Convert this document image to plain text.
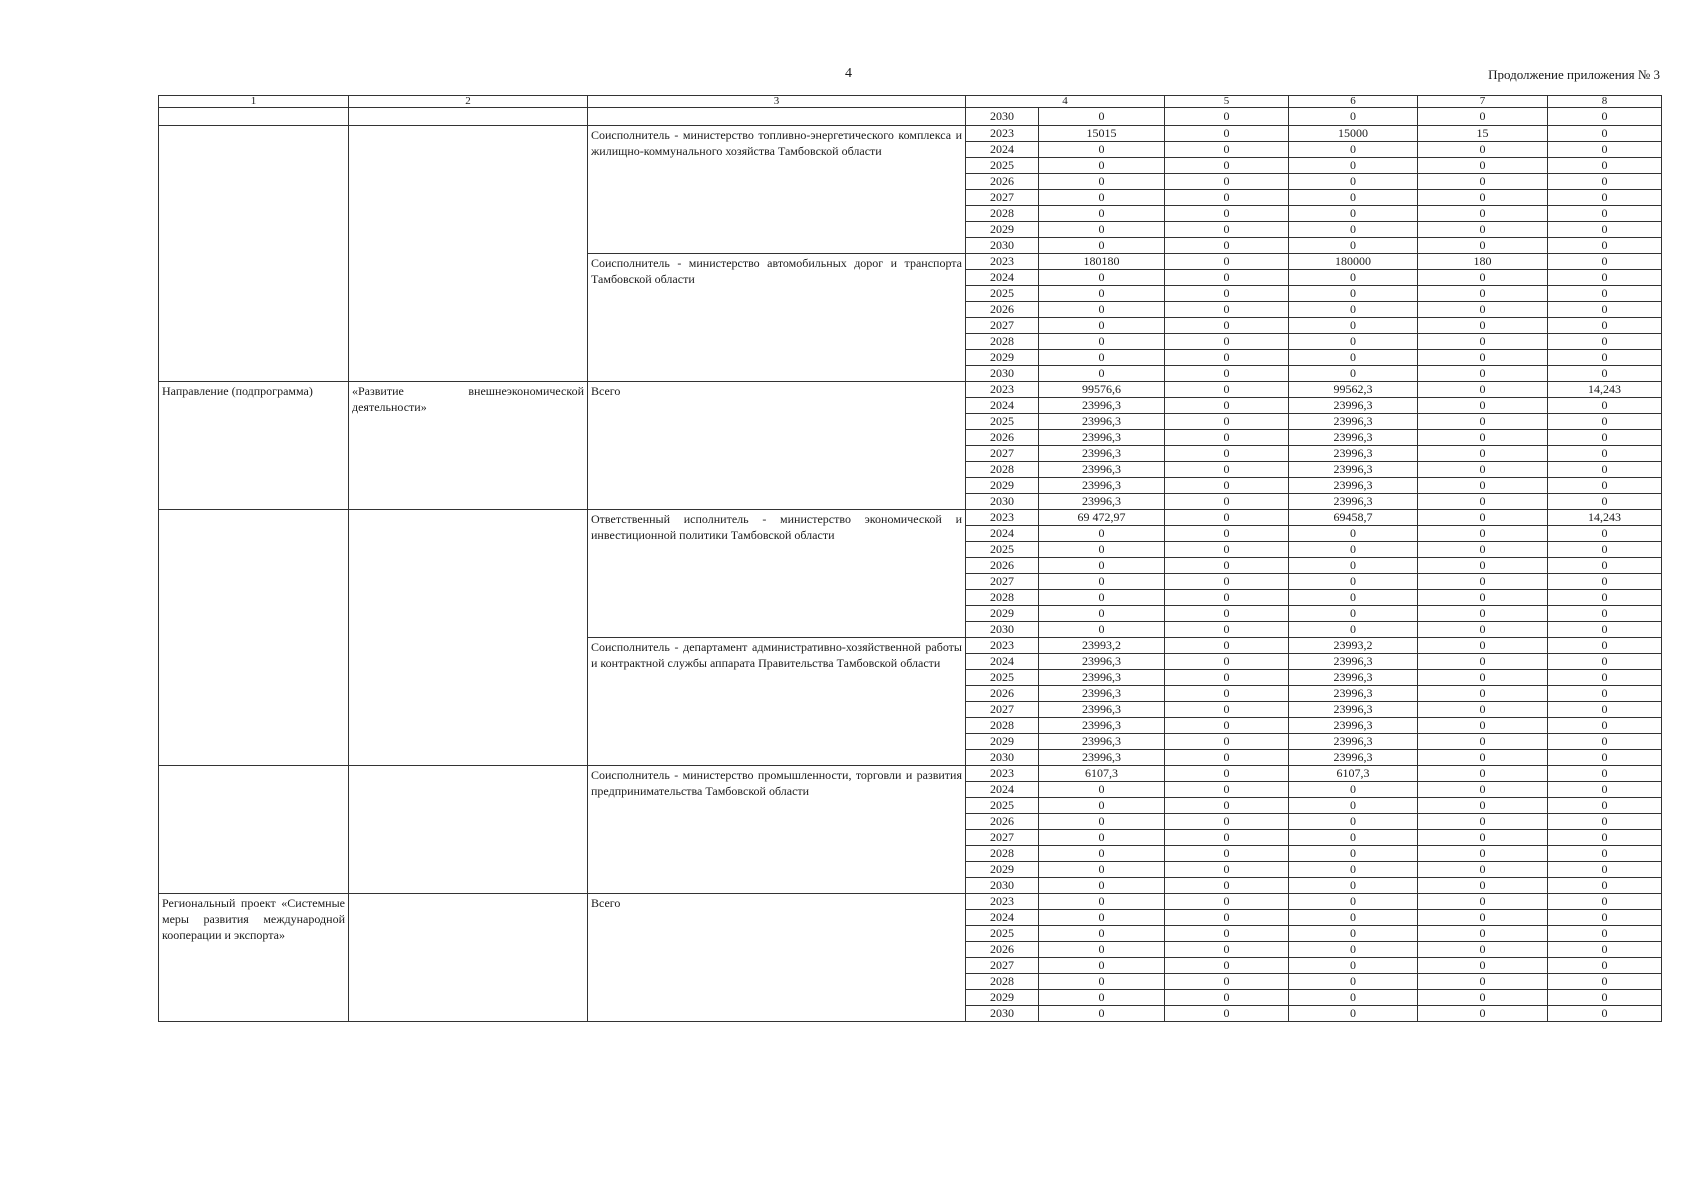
4	Продолжение приложения № 3
1	2	3	4		5	6	7	8
			2030	0	0	0	0	0
		Соисполнитель - министерство топливно-энергетического комплекса и жилищно-коммунального хозяйства Тамбовской области	2023	15015	0	15000	15	0
			2024	0	0	0	0	0
			2025	0	0	0	0	0
			2026	0	0	0	0	0
			2027	0	0	0	0	0
			2028	0	0	0	0	0
			2029	0	0	0	0	0
			2030	0	0	0	0	0
		Соисполнитель - министерство автомобильных дорог и транспорта Тамбовской области	2023	180180	0	180000	180	0
			2024	0	0	0	0	0
			2025	0	0	0	0	0
			2026	0	0	0	0	0
			2027	0	0	0	0	0
			2028	0	0	0	0	0
			2029	0	0	0	0	0
			2030	0	0	0	0	0
Направление (подпрограмма)	«Развитие внешнеэкономической деятельности»	Всего	2023	99576,6	0	99562,3	0	14,243
			2024	23996,3	0	23996,3	0	0
			2025	23996,3	0	23996,3	0	0
			2026	23996,3	0	23996,3	0	0
			2027	23996,3	0	23996,3	0	0
			2028	23996,3	0	23996,3	0	0
			2029	23996,3	0	23996,3	0	0
			2030	23996,3	0	23996,3	0	0
		Ответственный исполнитель - министерство экономической и инвестиционной политики Тамбовской области	2023	69 472,97	0	69458,7	0	14,243
			2024	0	0	0	0	0
			2025	0	0	0	0	0
			2026	0	0	0	0	0
			2027	0	0	0	0	0
			2028	0	0	0	0	0
			2029	0	0	0	0	0
			2030	0	0	0	0	0
		Соисполнитель - департамент административно-хозяйственной работы и контрактной службы аппарата Правительства Тамбовской области	2023	23993,2	0	23993,2	0	0
			2024	23996,3	0	23996,3	0	0
			2025	23996,3	0	23996,3	0	0
			2026	23996,3	0	23996,3	0	0
			2027	23996,3	0	23996,3	0	0
			2028	23996,3	0	23996,3	0	0
			2029	23996,3	0	23996,3	0	0
			2030	23996,3	0	23996,3	0	0
		Соисполнитель - министерство промышленности, торговли и развития предпринимательства Тамбовской области	2023	6107,3	0	6107,3	0	0
			2024	0	0	0	0	0
			2025	0	0	0	0	0
			2026	0	0	0	0	0
			2027	0	0	0	0	0
			2028	0	0	0	0	0
			2029	0	0	0	0	0
			2030	0	0	0	0	0
Региональный проект «Системные меры развития международной кооперации и экспорта»		Всего	2023	0	0	0	0	0
			2024	0	0	0	0	0
			2025	0	0	0	0	0
			2026	0	0	0	0	0
			2027	0	0	0	0	0
			2028	0	0	0	0	0
			2029	0	0	0	0	0
			2030	0	0	0	0	0
